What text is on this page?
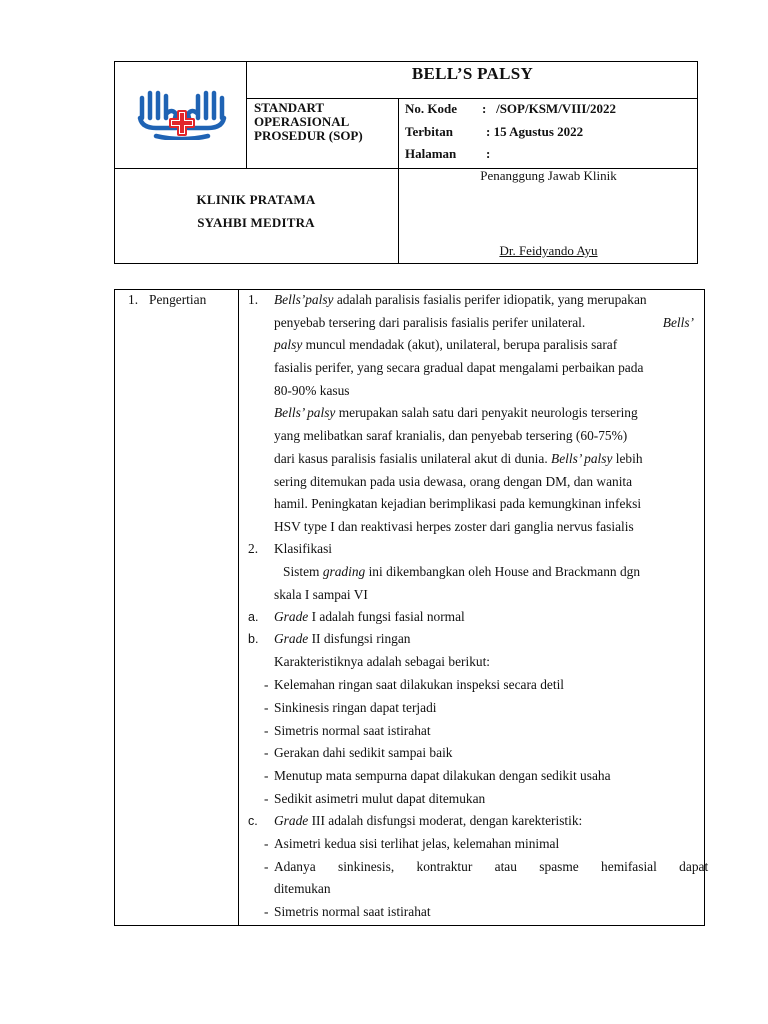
BELL’S PALSY
STANDART
OPERASIONAL
PROSEDUR (SOP)
No. Kode :   /SOP/KSM/VIII/2022
Terbitan	: 15 Agustus 2022
Halaman :
KLINIK PRATAMA
SYAHBI MEDITRA
Penanggung Jawab Klinik
Dr. Feidyando Ayu
1. Pengertian	1. Bells’palsy adalah paralisis fasialis perifer idiopatik, yang merupakan
penyebab tersering dari paralisis fasialis perifer unilateral.	Bells’
palsy muncul mendadak (akut), unilateral, berupa paralisis saraf
fasialis perifer, yang secara gradual dapat mengalami perbaikan pada
80-90% kasus
Bells’ palsy merupakan salah satu dari penyakit neurologis tersering
yang melibatkan saraf kranialis, dan penyebab tersering (60-75%)
dari kasus paralisis fasialis unilateral akut di dunia. Bells’ palsy lebih
sering ditemukan pada usia dewasa, orang dengan DM, dan wanita
hamil. Peningkatan kejadian berimplikasi pada kemungkinan infeksi
HSV type I dan reaktivasi herpes zoster dari ganglia nervus fasialis
2. Klasifikasi
Sistem grading ini dikembangkan oleh House and Brackmann dgn
skala I sampai VI
a. Grade I adalah fungsi fasial normal
b. Grade II disfungsi ringan
Karakteristiknya adalah sebagai berikut:
- Kelemahan ringan saat dilakukan inspeksi secara detil
- Sinkinesis ringan dapat terjadi
- Simetris normal saat istirahat
- Gerakan dahi sedikit sampai baik
- Menutup mata sempurna dapat dilakukan dengan sedikit usaha
- Sedikit asimetri mulut dapat ditemukan
c. Grade III adalah disfungsi moderat, dengan karekteristik:
- Asimetri kedua sisi terlihat jelas, kelemahan minimal
- Adanya sinkinesis, kontraktur atau spasme hemifasial dapat
ditemukan
- Simetris normal saat istirahat
